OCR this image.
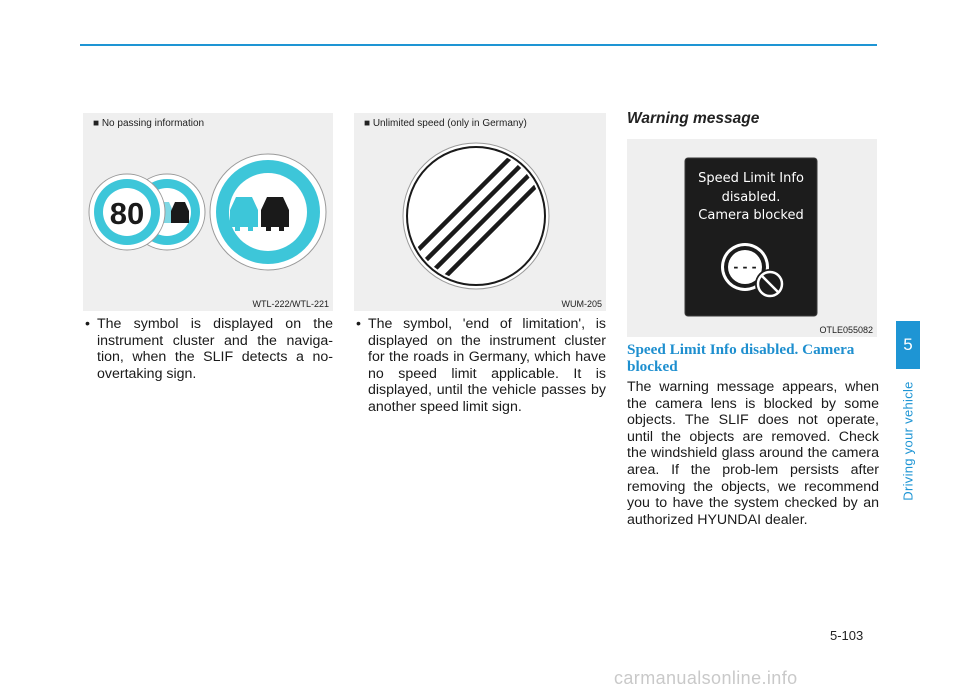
80
■ No passing information
WTL-222/WTL-221
■ Unlimited speed (only in Germany)
WUM-205
Speed Limit Info
disabled.
Camera blocked
- - -
OTLE055082
• The symbol is displayed on the instrument cluster and the naviga-tion, when the SLIF detects a no-overtaking sign.
• The symbol, 'end of limitation', is displayed on the instrument cluster for the roads in Germany, which have no speed limit applicable. It is displayed, until the vehicle passes by another speed limit sign.
Warning message
Speed Limit Info disabled. Camera blocked
The warning message appears, when the camera lens is blocked by some objects. The SLIF does not operate, until the objects are removed. Check the windshield glass around the camera area. If the prob-lem persists after removing the objects, we recommend you to have the system checked by an authorized HYUNDAI dealer.
5
Driving your vehicle
5-103
carmanualsonline.info
